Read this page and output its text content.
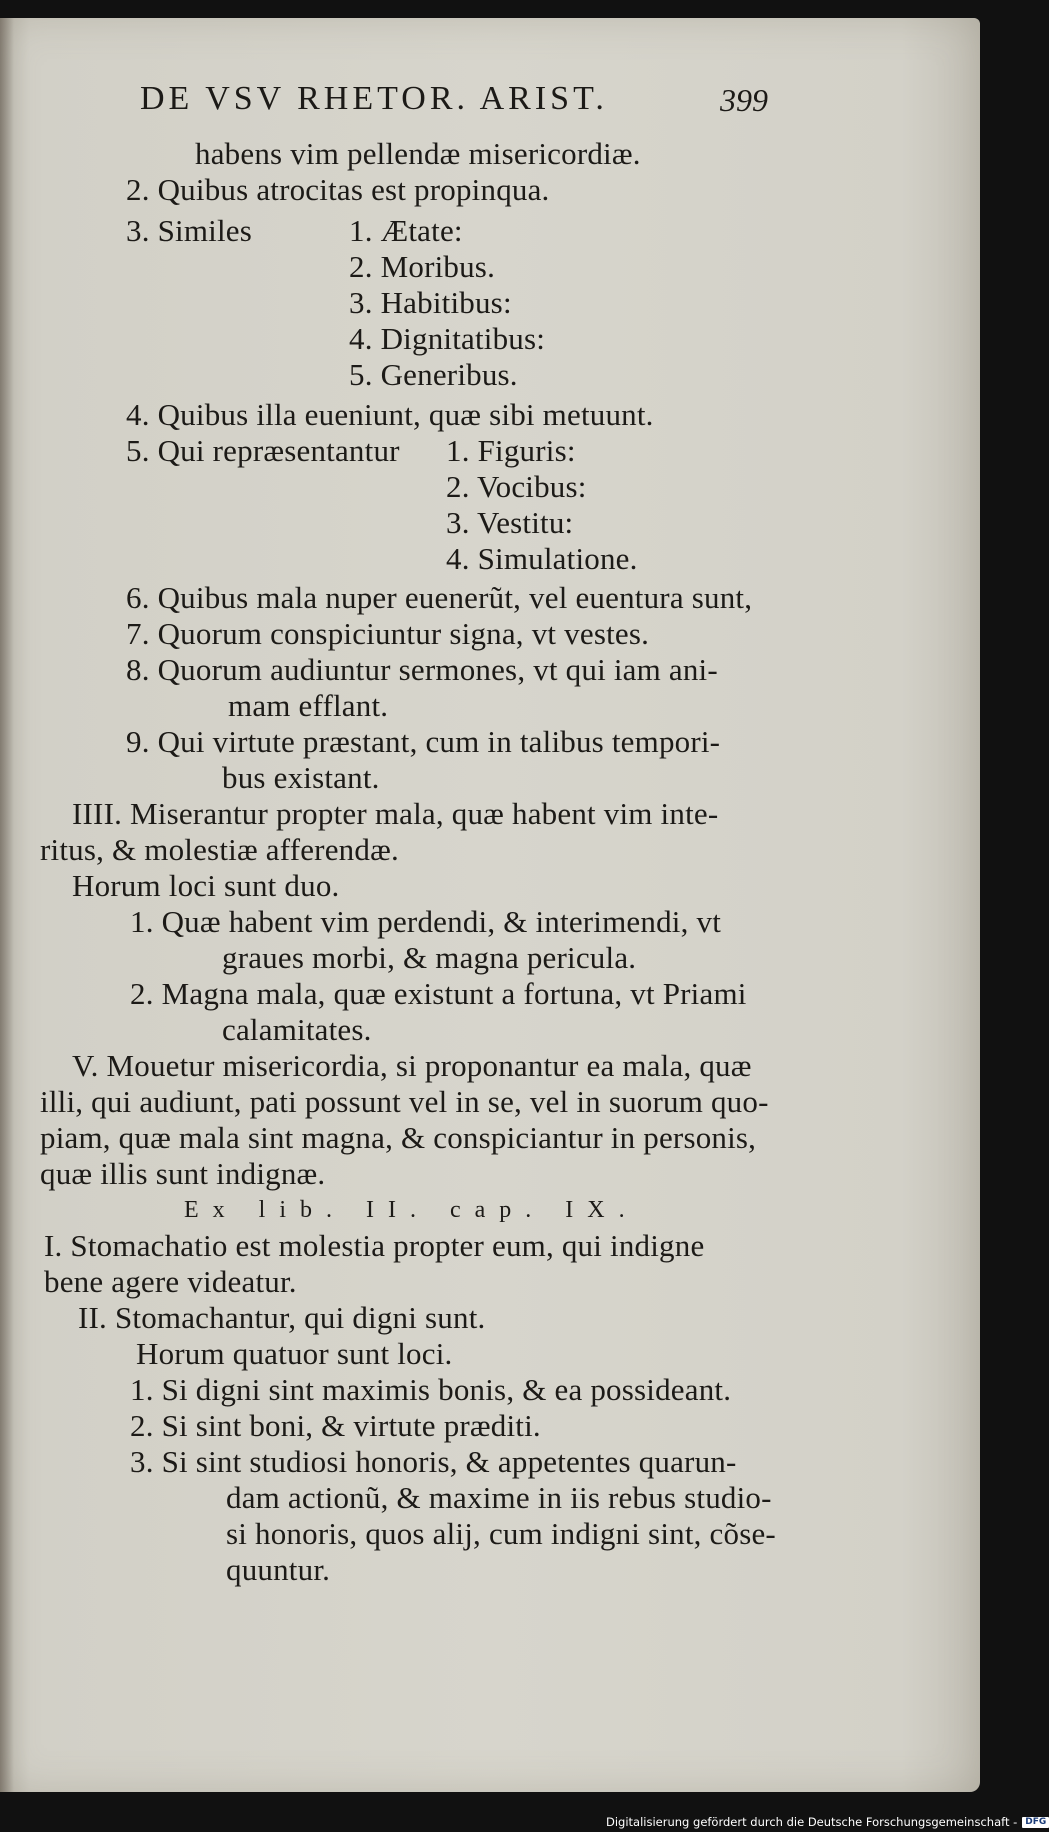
DE VSV RHETOR. ARIST.	399
habens vim pellendæ misericordiæ.
2. Quibus atrocitas est propinqua.
3. Similes	1. Ætate:
2. Moribus.
3. Habitibus:
4. Dignitatibus:
5. Generibus.
4. Quibus illa eueniunt, quæ sibi metuunt.
5. Qui repræsentantur 1. Figuris:
2. Vocibus:
3. Vestitu:
4. Simulatione.
6. Quibus mala nuper euenerũt, vel euentura sunt,
7. Quorum conspiciuntur signa, vt vestes.
8. Quorum audiuntur sermones, vt qui iam ani-
mam efflant.
9. Qui virtute præstant, cum in talibus tempori-
bus existant.
IIII. Miserantur propter mala, quæ habent vim inte-
ritus, & molestiæ afferendæ.
Horum loci sunt duo.
1. Quæ habent vim perdendi, & interimendi, vt
graues morbi, & magna pericula.
2. Magna mala, quæ existunt a fortuna, vt Priami
calamitates.
V. Mouetur misericordia, si proponantur ea mala, quæ
illi, qui audiunt, pati possunt vel in se, vel in suorum quo-
piam, quæ mala sint magna, & conspiciantur in personis,
quæ illis sunt indignæ.
Ex lib. II. cap. IX.
I. Stomachatio est molestia propter eum, qui indigne
bene agere videatur.
II. Stomachantur, qui digni sunt.
Horum quatuor sunt loci.
1. Si digni sint maximis bonis, & ea possideant.
2. Si sint boni, & virtute præditi.
3. Si sint studiosi honoris, & appetentes quarun-
dam actionũ, & maxime in iis rebus studio-
si honoris, quos alij, cum indigni sint, cõse-
quuntur.
Digitalisierung gefördert durch die Deutsche Forschungsgemeinschaft - DFG
